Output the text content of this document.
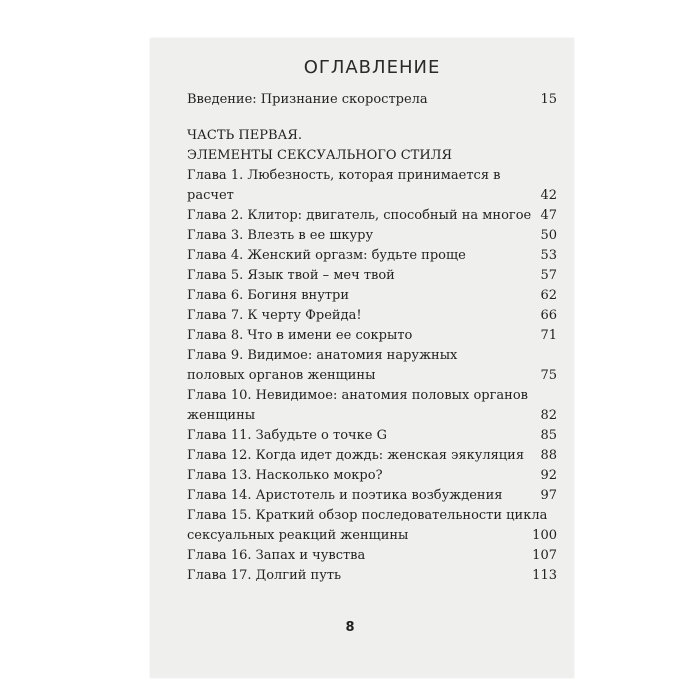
ОГЛАВЛЕНИЕ
Введение: Признание скорострела	15
ЧАСТЬ ПЕРВАЯ.
ЭЛЕМЕНТЫ СЕКСУАЛЬНОГО СТИЛЯ
Глава 1. Любезность, которая принимается в расчет	42
Глава 2. Клитор: двигатель, способный на многое 47
Глава 3. Влезть в ее шкуру	50
Глава 4. Женский оргазм: будьте проще	53
Глава 5. Язык твой – меч твой	57
Глава 6. Богиня внутри	62
Глава 7. К черту Фрейда!	66
Глава 8. Что в имени ее сокрыто	71
Глава 9. Видимое: анатомия наружных
половых органов женщины	75
Глава 10. Невидимое: анатомия половых органов
женщины	82
Глава 11. Забудьте о точке G	85
Глава 12. Когда идет дождь: женская эякуляция	88
Глава 13. Насколько мокро?	92
Глава 14. Аристотель и поэтика возбуждения	97
Глава 15. Краткий обзор последовательности цикла
сексуальных реакций женщины	100
Глава 16. Запах и чувства	107
Глава 17. Долгий путь	113
8
